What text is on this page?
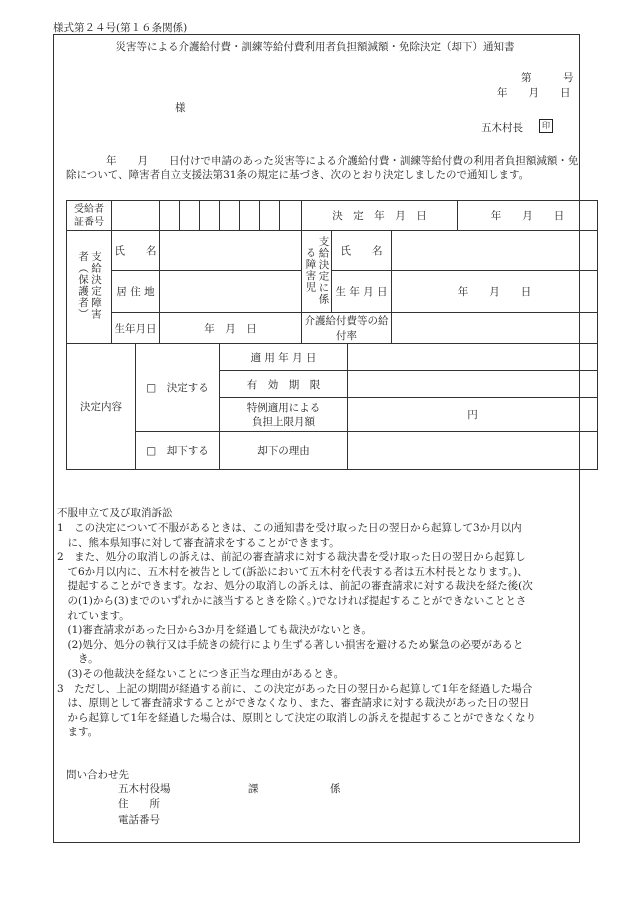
様式第２４号(第１６条関係)
災害等による介護給付費・訓練等給付費利用者負担額減額・免除決定（却下）通知書
第　　　号
年　　月　　日
様
五木村長	印
年　　月　　日付けで申請のあった災害等による介護給付費・訓練等給付費の利用者負担額減額・免除について、障害者自立支援法第31条の規定に基づき、次のとおり決定しましたので通知します。
受給者証番号										決　定　年　月　日				年　　月　　日
支給決定障害者（保護者）	氏　　名									支給決定に係る障害児	氏　　名			
	居 住 地										生 年 月 日		年　　月　　日	
	生年月日		年　月　日							介護給付費等の給付率				
決定内容		□　決定する				適 用 年 月 日								
						有　効　期　限								

						特例適用による
負担上限月額						円		
		□　却下する				却下の理由								
不服申立て及び取消訴訟
1　この決定について不服があるときは、この通知書を受け取った日の翌日から起算して3か月以内
　に、熊本県知事に対して審査請求をすることができます。
2　また、処分の取消しの訴えは、前記の審査請求に対する裁決書を受け取った日の翌日から起算し
　て6か月以内に、五木村を被告として(訴訟において五木村を代表する者は五木村長となります。)、
　提起することができます。なお、処分の取消しの訴えは、前記の審査請求に対する裁決を経た後(次
　の(1)から(3)までのいずれかに該当するときを除く。)でなければ提起することができないこととさ
　れています。
　(1)審査請求があった日から3か月を経過しても裁決がないとき。
　(2)処分、処分の執行又は手続きの続行により生ずる著しい損害を避けるため緊急の必要があると
　　き。
　(3)その他裁決を経ないことにつき正当な理由があるとき。
3　ただし、上記の期間が経過する前に、この決定があった日の翌日から起算して1年を経過した場合
　は、原則として審査請求することができなくなり、また、審査請求に対する裁決があった日の翌日
　から起算して1年を経過した場合は、原則として決定の取消しの訴えを提起することができなくなり
　ます。
問い合わせ先
五木村役場	課	係
住　　所
電話番号
